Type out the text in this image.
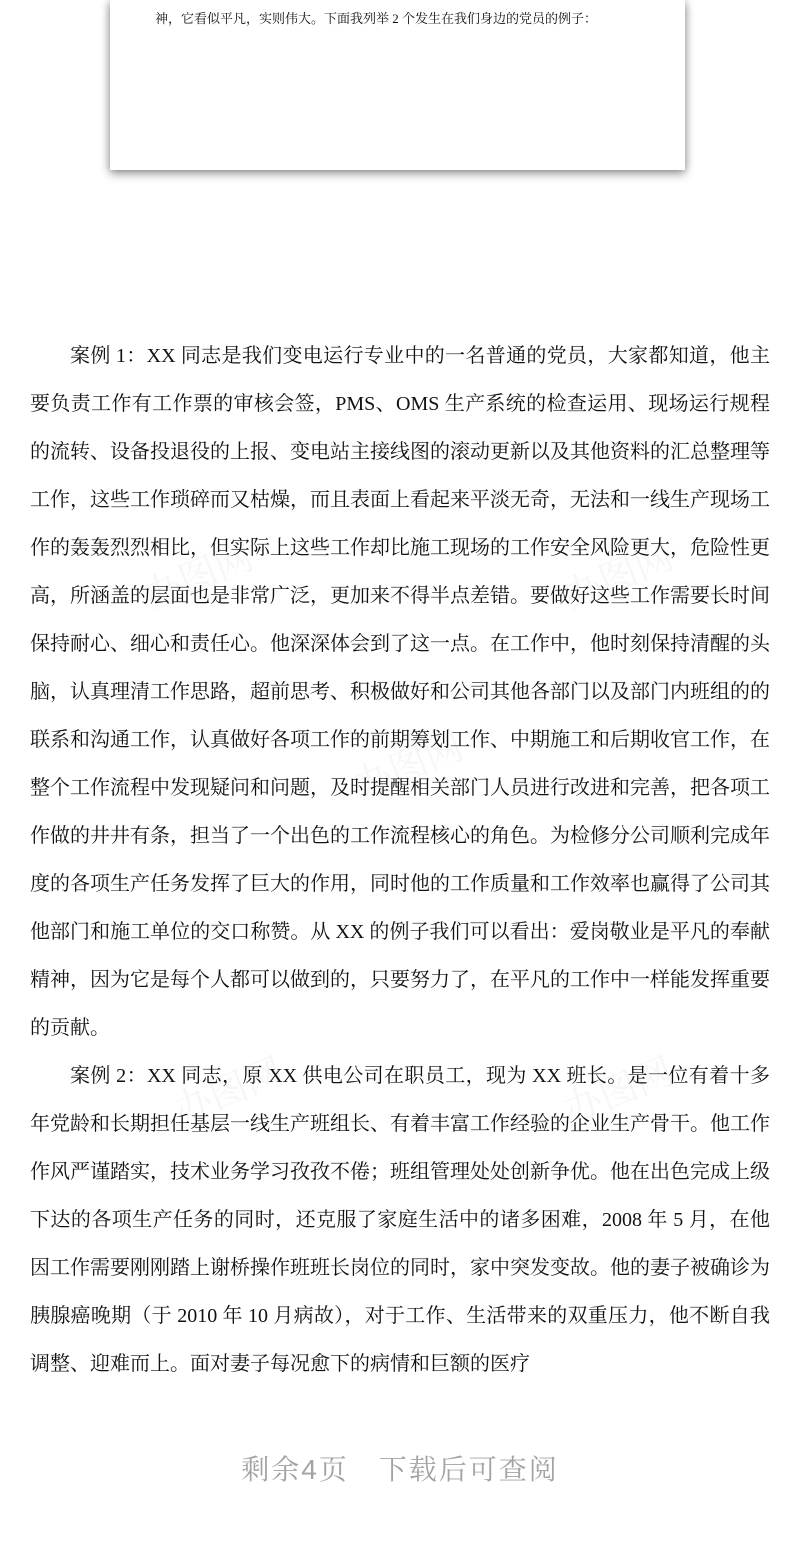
神，它看似平凡，实则伟大。下面我列举 2 个发生在我们身边的党员的例子：
办图网	办图网
办图网
办图网	办图网

案例 1：XX 同志是我们变电运行专业中的一名普通的党员，大家都知道，他主要负责工作有工作票的审核会签，PMS、OMS 生产系统的检查运用、现场运行规程的流转、设备投退役的上报、变电站主接线图的滚动更新以及其他资料的汇总整理等工作，这些工作琐碎而又枯燥，而且表面上看起来平淡无奇，无法和一线生产现场工作的轰轰烈烈相比，但实际上这些工作却比施工现场的工作安全风险更大，危险性更高，所涵盖的层面也是非常广泛，更加来不得半点差错。要做好这些工作需要长时间保持耐心、细心和责任心。他深深体会到了这一点。在工作中，他时刻保持清醒的头脑，认真理清工作思路，超前思考、积极做好和公司其他各部门以及部门内班组的的联系和沟通工作，认真做好各项工作的前期筹划工作、中期施工和后期收官工作，在整个工作流程中发现疑问和问题，及时提醒相关部门人员进行改进和完善，把各项工作做的井井有条，担当了一个出色的工作流程核心的角色。为检修分公司顺利完成年度的各项生产任务发挥了巨大的作用，同时他的工作质量和工作效率也赢得了公司其他部门和施工单位的交口称赞。从 XX 的例子我们可以看出：爱岗敬业是平凡的奉献精神，因为它是每个人都可以做到的，只要努力了，在平凡的工作中一样能发挥重要的贡献。

案例 2：XX 同志，原 XX 供电公司在职员工，现为 XX 班长。是一位有着十多年党龄和长期担任基层一线生产班组长、有着丰富工作经验的企业生产骨干。他工作作风严谨踏实，技术业务学习孜孜不倦；班组管理处处创新争优。他在出色完成上级下达的各项生产任务的同时，还克服了家庭生活中的诸多困难，2008 年 5 月，在他因工作需要刚刚踏上谢桥操作班班长岗位的同时，家中突发变故。他的妻子被确诊为胰腺癌晚期（于 2010 年 10 月病故），对于工作、生活带来的双重压力，他不断自我调整、迎难而上。面对妻子每况愈下的病情和巨额的医疗

剩余4页　下载后可查阅
